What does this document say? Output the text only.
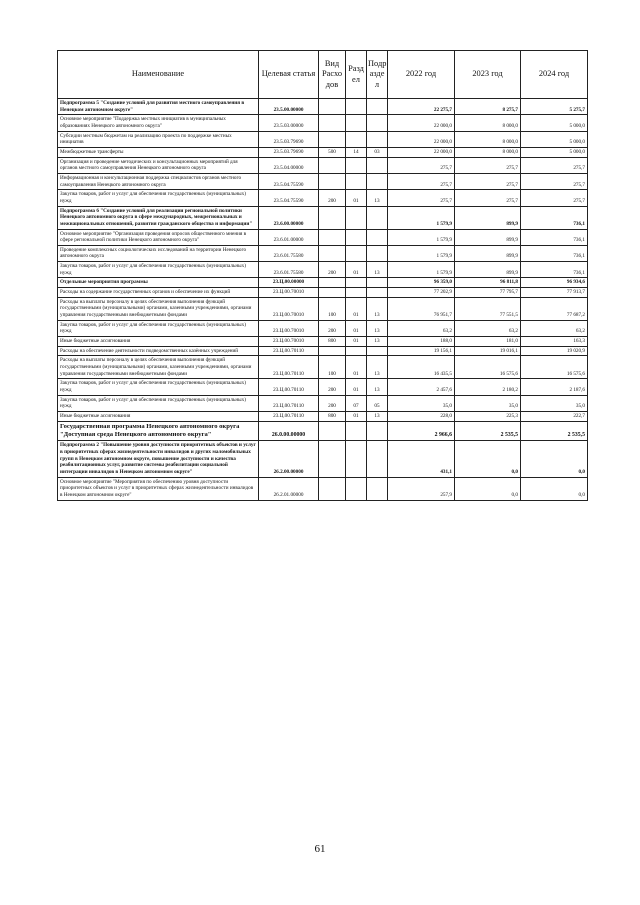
Наименование	Целевая статья	Вид Расхо дов	Разд ел	Подр азде л	2022 год	2023 год	2024 год
Подпрограмма 5 "Создание условий для развития местного самоуправления в Ненецком автономном округе"	23.5.00.00000				22 275,7	8 275,7	5 275,7
Основное мероприятие "Поддержка местных инициатив в муниципальных образованиях Ненецкого автономного округа"	23.5.03.00000				22 000,0	8 000,0	5 000,0
Субсидии местным бюджетам на реализацию проекта по поддержке местных инициатив	23.5.03.79690				22 000,0	8 000,0	5 000,0
Межбюджетные трансферты	23.5.03.79690	500	14	03	22 000,0	8 000,0	5 000,0
Организация и проведение методических и консультационных мероприятий для органов местного самоуправления Ненецкого автономного округа	23.5.04.00000				275,7	275,7	275,7
Информационная и консультационная поддержка специалистов органов местного самоуправления Ненецкого автономного округа	23.5.04.75590				275,7	275,7	275,7
Закупка товаров, работ и услуг для обеспечения государственных (муниципальных) нужд	23.5.04.75590	200	01	13	275,7	275,7	275,7
Подпрограмма 6 "Создание условий для реализации региональной политики Ненецкого автономного округа в сфере международных, межрегиональных и межнациональных отношений, развития гражданского общества и информации"	23.6.00.00000				1 579,9	899,9	736,1
Основное мероприятие "Организация проведения опросов общественного мнения в сфере региональной политики Ненецкого автономного округа"	23.6.01.00000				1 579,9	899,9	736,1
Проведение комплексных социологических исследований на территории Ненецкого автономного округа	23.6.01.75580				1 579,9	899,9	736,1
Закупка товаров, работ и услуг для обеспечения государственных (муниципальных) нужд	23.6.01.75580	200	01	13	1 579,9	899,9	736,1
Отдельные мероприятия программы	23.Ц.00.00000				96 359,0	96 811,8	96 934,6
Расходы на содержание государственных органов и обеспечение их функций	23.Ц.00.70010				77 202,9	77 795,7	77 913,7
Расходы на выплаты персоналу в целях обеспечения выполнения функций государственными (муниципальными) органами, казенными учреждениями, органами управления государственными внебюджетными фондами	23.Ц.00.70010	100	01	13	76 951,7	77 551,5	77 687,2
Закупка товаров, работ и услуг для обеспечения государственных (муниципальных) нужд	23.Ц.00.70010	200	01	13	63,2	63,2	63,2
Иные бюджетные ассигнования	23.Ц.00.70010	800	01	13	188,0	181,0	163,3
Расходы на обеспечение деятельности подведомственных казённых учреждений	23.Ц.00.70110				19 156,1	19 016,1	19 020,9
Расходы на выплаты персоналу в целях обеспечения выполнения функций государственными (муниципальными) органами, казенными учреждениями, органами управления государственными внебюджетными фондами	23.Ц.00.70110	100	01	13	16 435,5	16 575,6	16 575,6
Закупка товаров, работ и услуг для обеспечения государственных (муниципальных) нужд	23.Ц.00.70110	200	01	13	2 457,6	2 180,2	2 187,6
Закупка товаров, работ и услуг для обеспечения государственных (муниципальных) нужд	23.Ц.00.70110	200	07	05	35,0	35,0	35,0
Иные бюджетные ассигнования	23.Ц.00.70110	800	01	13	228,0	225,3	222,7
Государственная программа Ненецкого автономного округа "Доступная среда Ненецкого автономного округа"	26.0.00.00000				2 966,6	2 535,5	2 535,5
Подпрограмма 2 "Повышение уровня доступности приоритетных объектов и услуг в приоритетных сферах жизнедеятельности инвалидов и других маломобильных групп в Ненецком автономном округе, повышение доступности и качества реабилитационных услуг, развитие системы реабилитации социальной интеграции инвалидов в Ненецком автономном округе"	26.2.00.00000				431,1	0,0	0,0
Основное мероприятие "Мероприятия по обеспечению уровня доступности приоритетных объектов и услуг в приоритетных сферах жизнедеятельности инвалидов в Ненецком автономном округе"	26.2.01.00000				257,9	0,0	0,0
61
